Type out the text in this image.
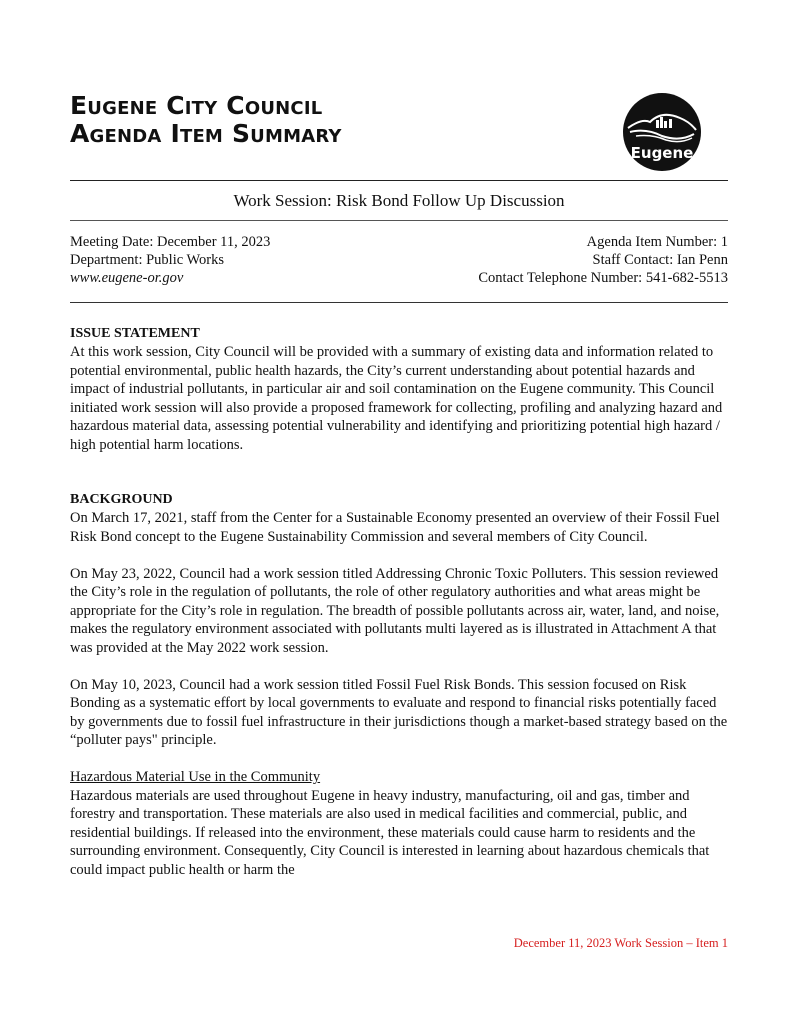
Eugene City Council
Agenda Item Summary
Eugene
Work Session: Risk Bond Follow Up Discussion
Meeting Date: December 11, 2023	Agenda Item Number: 1
Department: Public Works	Staff Contact: Ian Penn
www.eugene-or.gov	Contact Telephone Number: 541-682-5513
ISSUE STATEMENT

At this work session, City Council will be provided with a summary of existing data and information related to potential environmental, public health hazards, the City’s current understanding about potential hazards and impact of industrial pollutants, in particular air and soil contamination on the Eugene community. This Council initiated work session will also provide a proposed framework for collecting, profiling and analyzing hazard and hazardous material data, assessing potential vulnerability and identifying and prioritizing potential high hazard / high potential harm locations.

BACKGROUND

On March 17, 2021, staff from the Center for a Sustainable Economy presented an overview of their Fossil Fuel Risk Bond concept to the Eugene Sustainability Commission and several members of City Council.

On May 23, 2022, Council had a work session titled Addressing Chronic Toxic Polluters. This session reviewed the City’s role in the regulation of pollutants, the role of other regulatory authorities and what areas might be appropriate for the City’s role in regulation. The breadth of possible pollutants across air, water, land, and noise, makes the regulatory environment associated with pollutants multi layered as is illustrated in Attachment A that was provided at the May 2022 work session.

On May 10, 2023, Council had a work session titled Fossil Fuel Risk Bonds. This session focused on Risk Bonding as a systematic effort by local governments to evaluate and respond to financial risks potentially faced by governments due to fossil fuel infrastructure in their jurisdictions though a market-based strategy based on the “polluter pays" principle.

Hazardous Material Use in the Community

Hazardous materials are used throughout Eugene in heavy industry, manufacturing, oil and gas, timber and forestry and transportation. These materials are also used in medical facilities and commercial, public, and residential buildings. If released into the environment, these materials could cause harm to residents and the surrounding environment. Consequently, City Council is interested in learning about hazardous chemicals that could impact public health or harm the

December 11, 2023 Work Session – Item 1
